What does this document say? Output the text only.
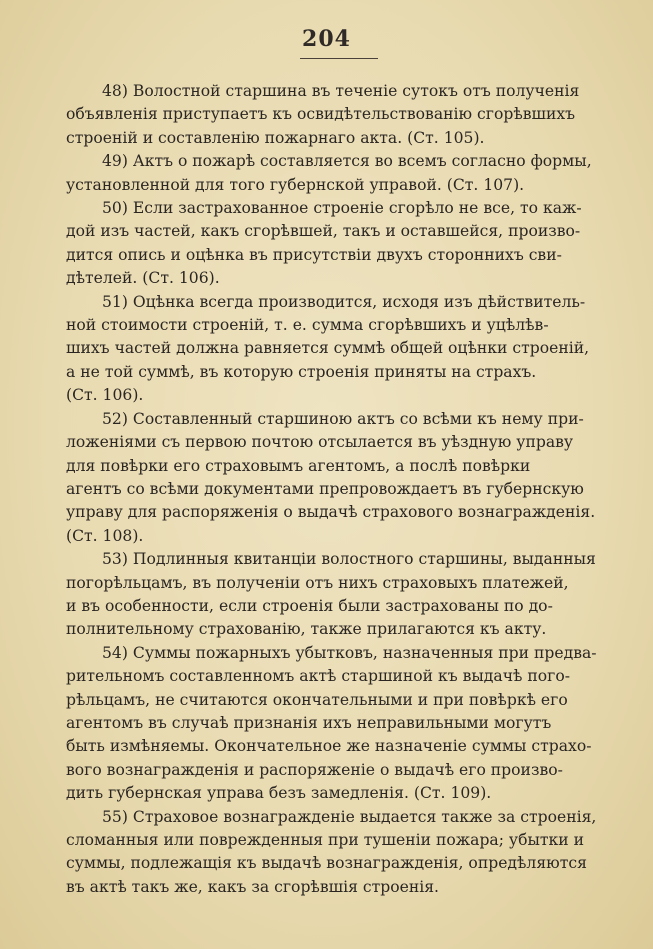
204
48) Волостной старшина въ теченіе сутокъ отъ полученія
объявленія приступаетъ къ освидѣтельствованію сгорѣвшихъ
строеній и составленію пожарнаго акта. (Ст. 105).
49) Актъ о пожарѣ составляется во всемъ согласно формы,
установленной для того губернской управой. (Ст. 107).
50) Если застрахованное строеніе сгорѣло не все, то каж-
дой изъ частей, какъ сгорѣвшей, такъ и оставшейся, произво-
дится опись и оцѣнка въ присутствіи двухъ стороннихъ сви-
дѣтелей. (Ст. 106).
51) Оцѣнка всегда производится, исходя изъ дѣйствитель-
ной стоимости строеній, т. е. сумма сгорѣвшихъ и уцѣлѣв-
шихъ частей должна равняется суммѣ общей оцѣнки строеній,
а не той суммѣ, въ которую строенія приняты на страхъ.
(Ст. 106).
52) Составленный старшиною актъ со всѣми къ нему при-
ложеніями съ первою почтою отсылается въ уѣздную управу
для повѣрки его страховымъ агентомъ, а послѣ повѣрки
агентъ со всѣми документами препровождаетъ въ губернскую
управу для распоряженія о выдачѣ страхового вознагражденія.
(Ст. 108).
53) Подлинныя квитанціи волостного старшины, выданныя
погорѣльцамъ, въ полученіи отъ нихъ страховыхъ платежей,
и въ особенности, если строенія были застрахованы по до-
полнительному страхованію, также прилагаются къ акту.
54) Суммы пожарныхъ убытковъ, назначенныя при предва-
рительномъ составленномъ актѣ старшиной къ выдачѣ пого-
рѣльцамъ, не считаются окончательными и при повѣркѣ его
агентомъ въ случаѣ признанія ихъ неправильными могутъ
быть измѣняемы. Окончательное же назначеніе суммы страхо-
вого вознагражденія и распоряженіе о выдачѣ его произво-
дить губернская управа безъ замедленія. (Ст. 109).
55) Страховое вознагражденіе выдается также за строенія,
сломанныя или поврежденныя при тушеніи пожара; убытки и
суммы, подлежащія къ выдачѣ вознагражденія, опредѣляются
въ актѣ такъ же, какъ за сгорѣвшія строенія.
